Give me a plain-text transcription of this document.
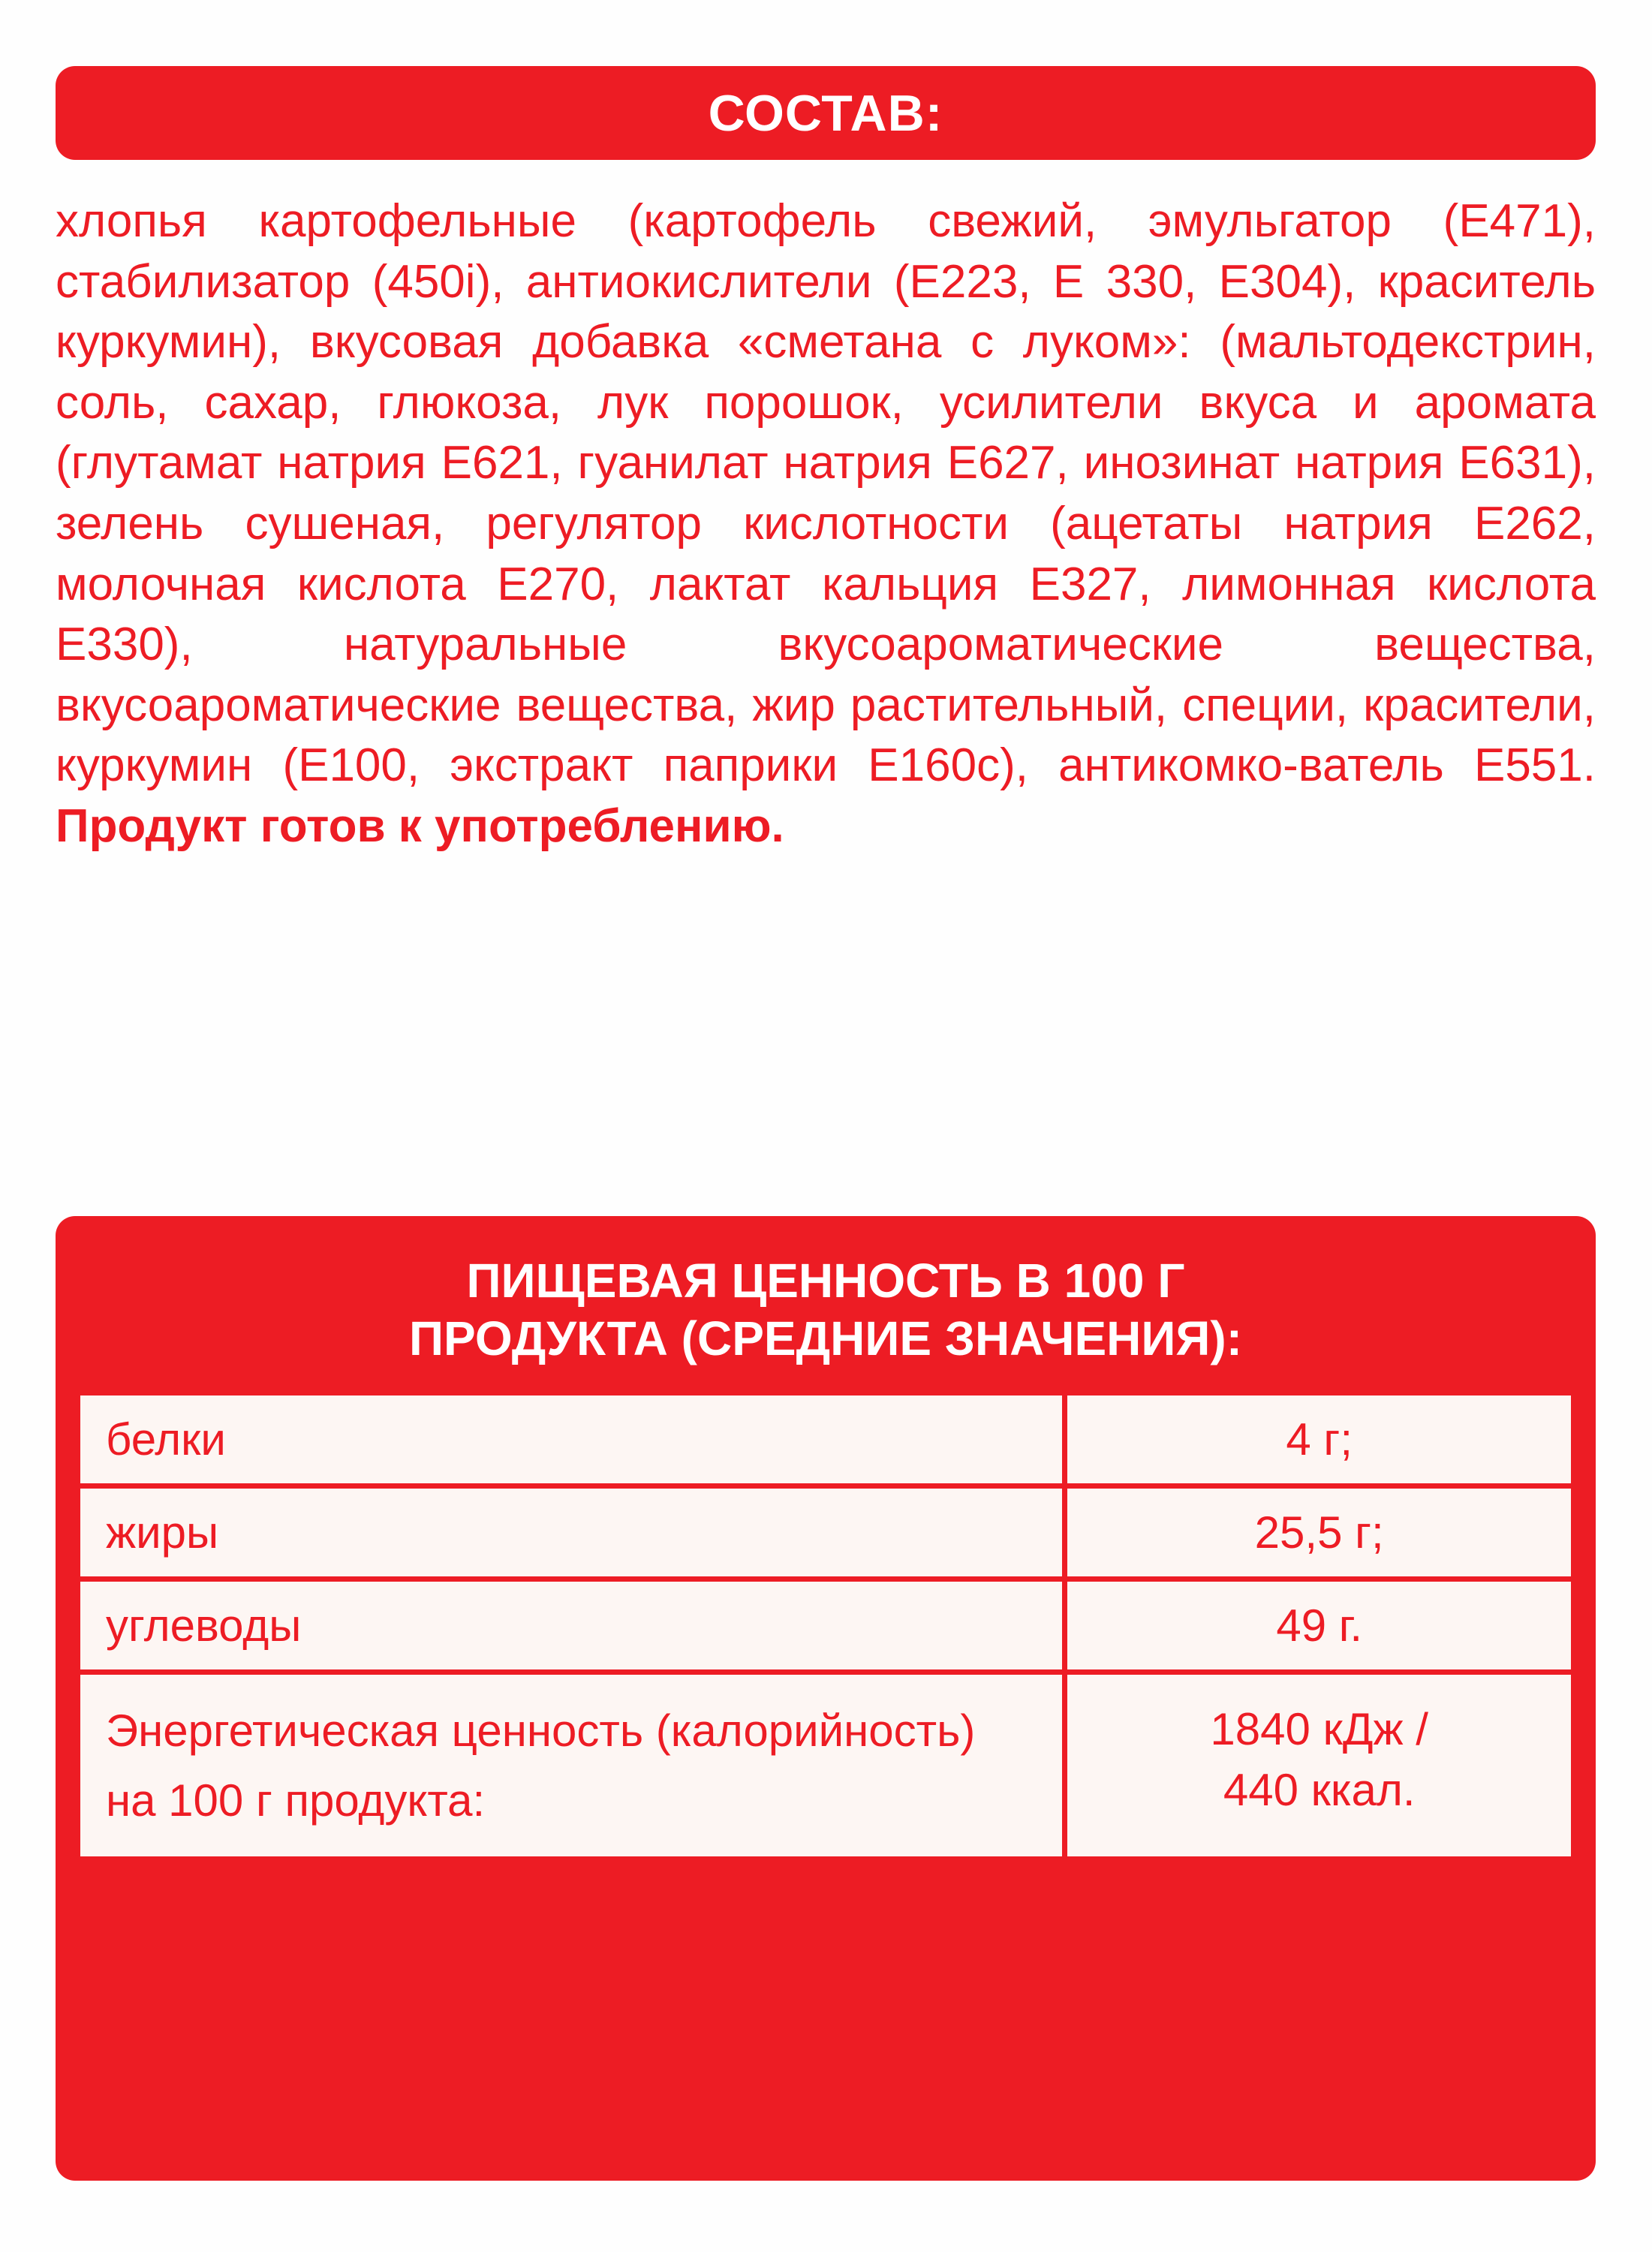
СОСТАВ:
хлопья картофельные (картофель свежий, эмульгатор (Е471), стабилизатор (450i), антиокислители (Е223, Е 330, Е304), краситель куркумин), вкусовая добавка «сметана с луком»: (мальтодекстрин, соль, сахар, глюкоза, лук порошок, усилители вкуса и аромата (глутамат натрия Е621, гуанилат натрия Е627, инозинат натрия Е631), зелень сушеная, регулятор кислотности (ацетаты натрия Е262, молочная кислота Е270, лактат кальция Е327, лимонная кислота Е330), натуральные вкусоароматические вещества, вкусоароматические вещества, жир растительный, специи, красители, куркумин (Е100, экстракт паприки Е160с), антикомко-ватель Е551. Продукт готов к употреблению.
ПИЩЕВАЯ ЦЕННОСТЬ В 100 Г
ПРОДУКТА (СРЕДНИЕ ЗНАЧЕНИЯ):
белки	4 г;
жиры	25,5 г;
углеводы	49 г.
Энергетическая ценность (калорийность) на 100 г продукта:	1840 кДж /
440 ккал.
